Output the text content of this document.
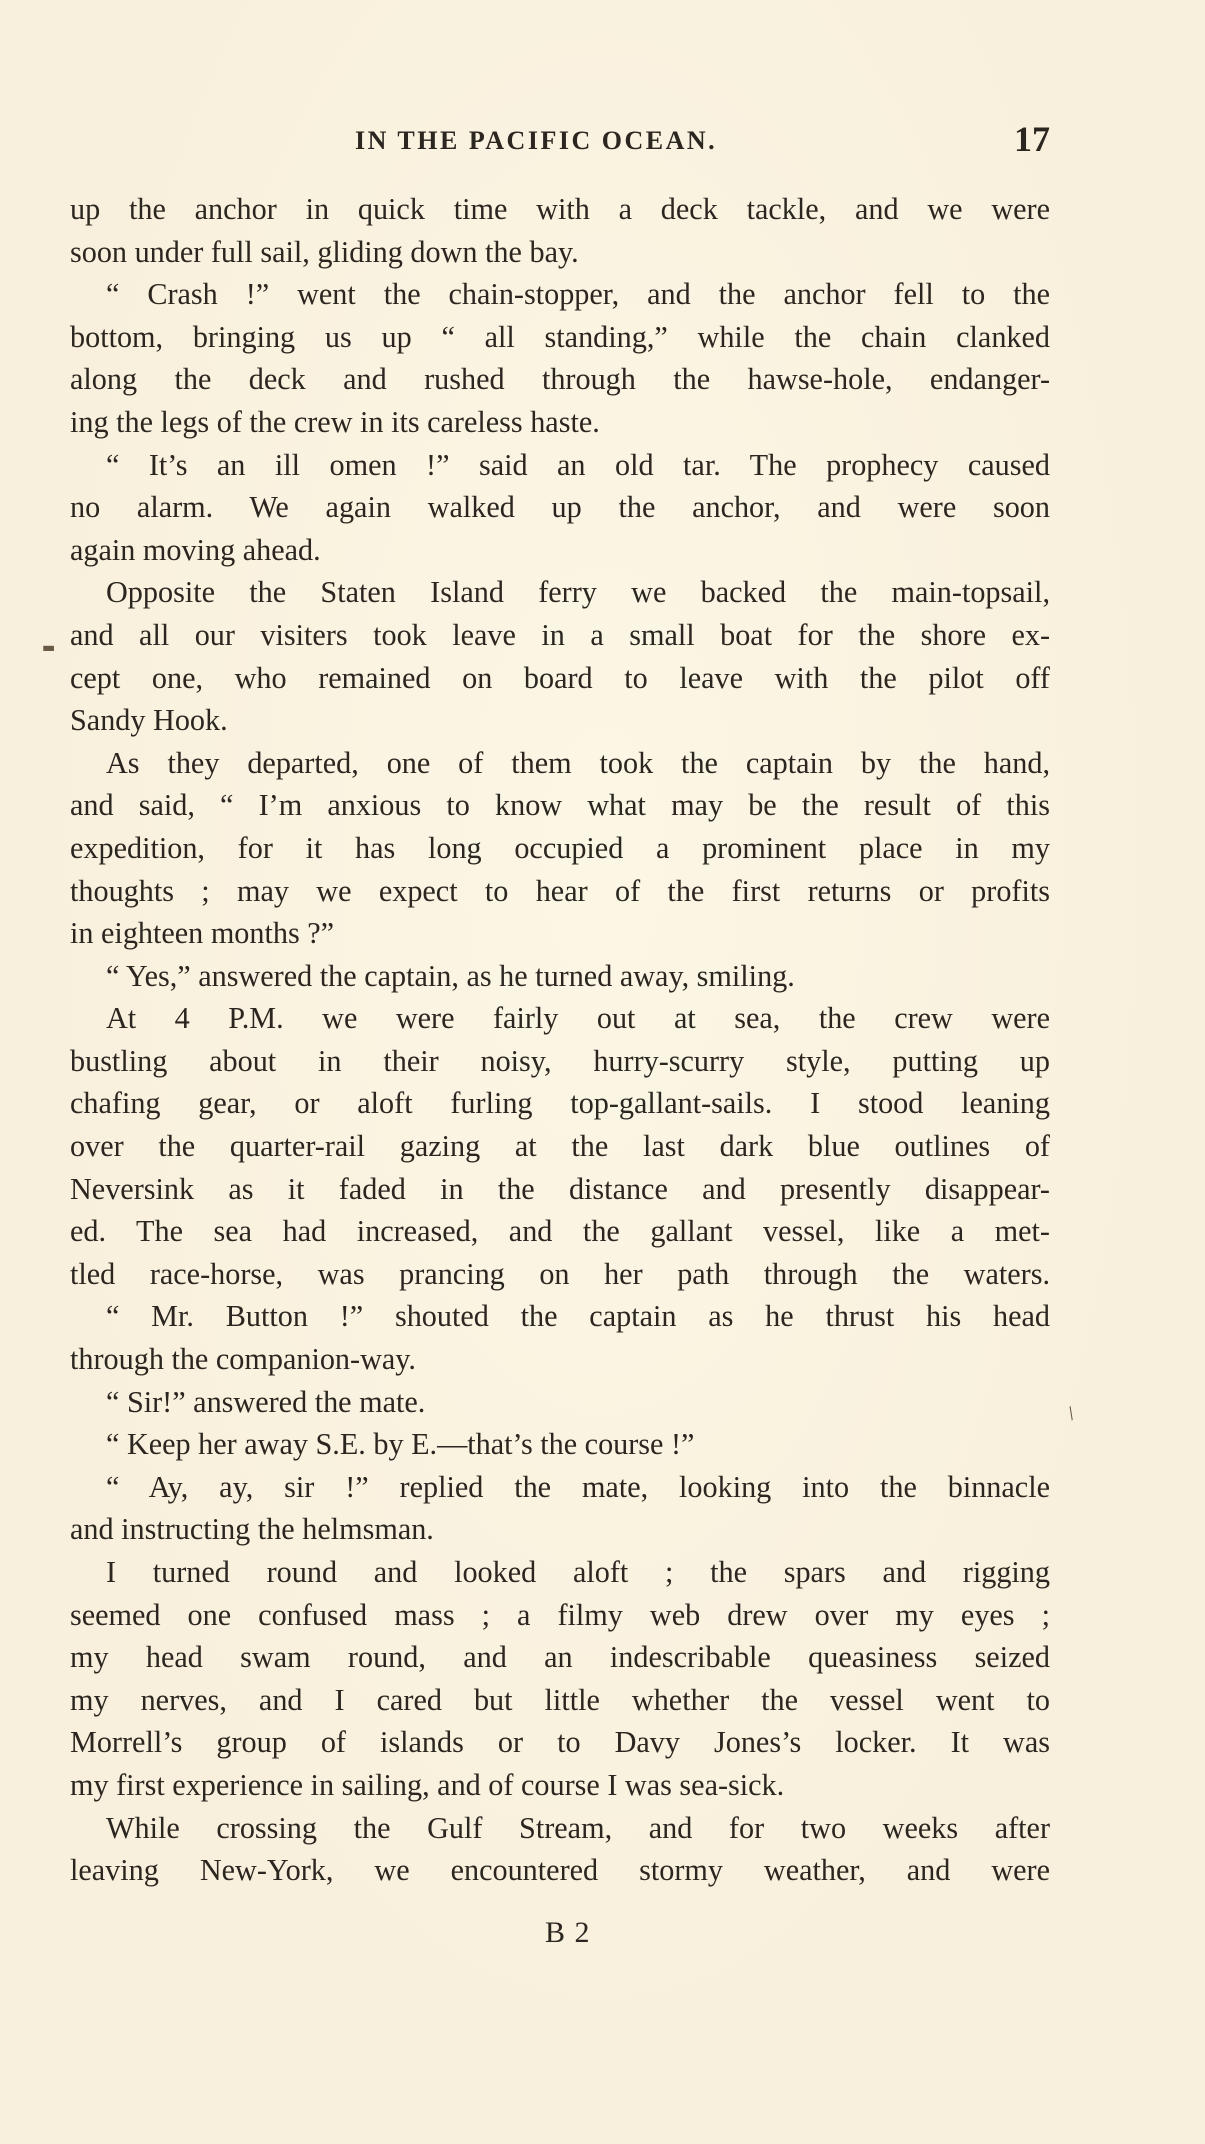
IN THE PACIFIC OCEAN.	17
up the anchor in quick time with a deck tackle, and we were
soon under full sail, gliding down the bay.
“ Crash !” went the chain-stopper, and the anchor fell to the
bottom, bringing us up “ all standing,” while the chain clanked
along the deck and rushed through the hawse-hole, endanger-
ing the legs of the crew in its careless haste.
“ It’s an ill omen !” said an old tar. The prophecy caused
no alarm. We again walked up the anchor, and were soon
again moving ahead.
Opposite the Staten Island ferry we backed the main-topsail,
and all our visiters took leave in a small boat for the shore ex-
cept one, who remained on board to leave with the pilot off
Sandy Hook.
As they departed, one of them took the captain by the hand,
and said, “ I’m anxious to know what may be the result of this
expedition, for it has long occupied a prominent place in my
thoughts ; may we expect to hear of the first returns or profits
in eighteen months ?”
“ Yes,” answered the captain, as he turned away, smiling.
At 4 P.M. we were fairly out at sea, the crew were
bustling about in their noisy, hurry-scurry style, putting up
chafing gear, or aloft furling top-gallant-sails. I stood leaning
over the quarter-rail gazing at the last dark blue outlines of
Neversink as it faded in the distance and presently disappear-
ed. The sea had increased, and the gallant vessel, like a met-
tled race-horse, was prancing on her path through the waters.
“ Mr. Button !” shouted the captain as he thrust his head
through the companion-way.
“ Sir!” answered the mate.
“ Keep her away S.E. by E.—that’s the course !”
“ Ay, ay, sir !” replied the mate, looking into the binnacle
and instructing the helmsman.
I turned round and looked aloft ; the spars and rigging
seemed one confused mass ; a filmy web drew over my eyes ;
my head swam round, and an indescribable queasiness seized
my nerves, and I cared but little whether the vessel went to
Morrell’s group of islands or to Davy Jones’s locker. It was
my first experience in sailing, and of course I was sea-sick.
While crossing the Gulf Stream, and for two weeks after
leaving New-York, we encountered stormy weather, and were
B 2
▬
⁄
